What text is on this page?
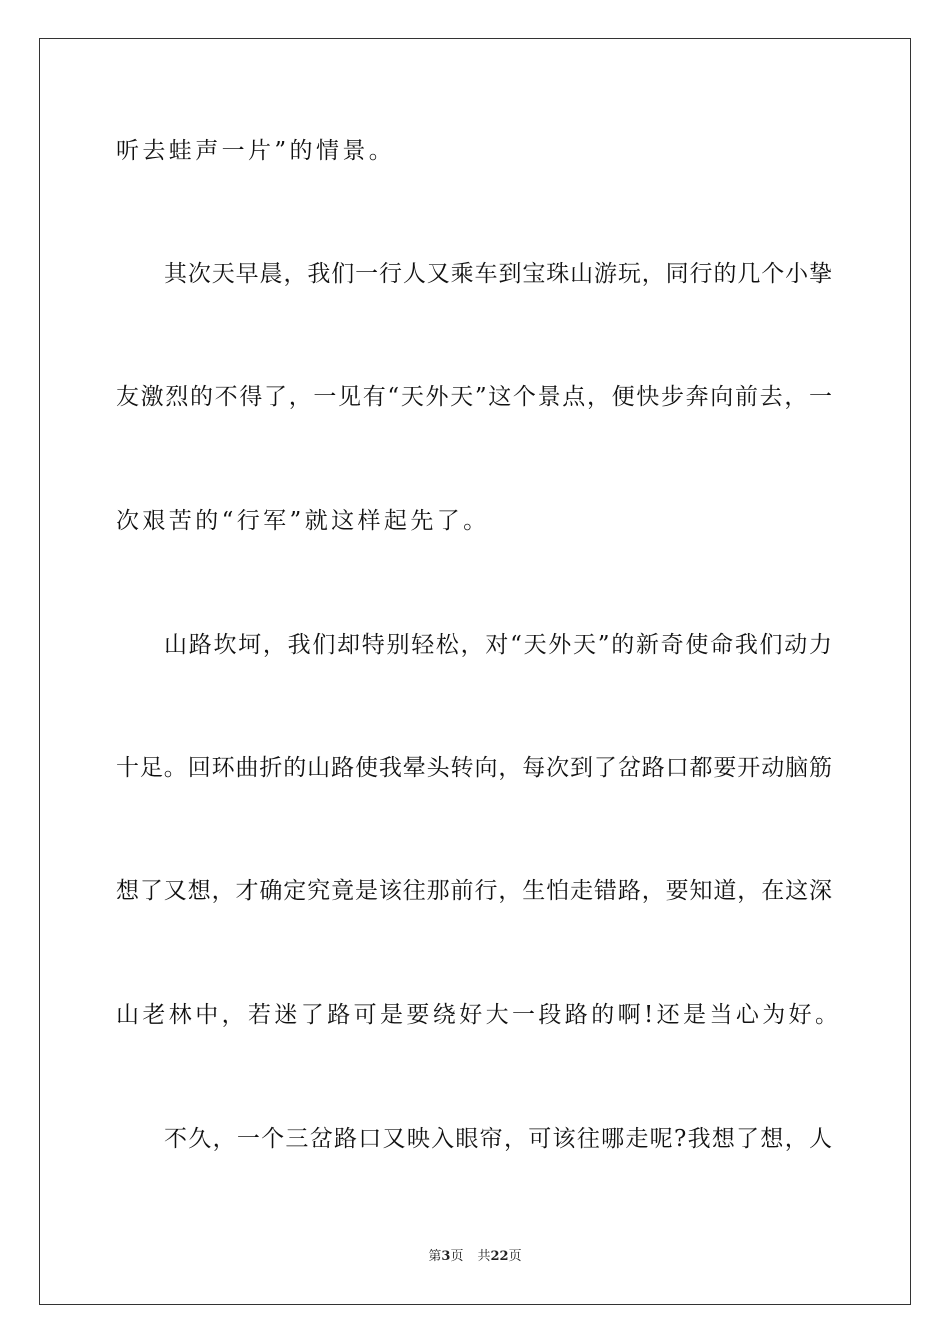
听去蛙声一片”的情景。
其次天早晨，我们一行人又乘车到宝珠山游玩，同行的几个小挚
友激烈的不得了，一见有“天外天”这个景点，便快步奔向前去，一
次艰苦的“行军”就这样起先了。
山路坎坷，我们却特别轻松，对“天外天”的新奇使命我们动力
十足。回环曲折的山路使我晕头转向，每次到了岔路口都要开动脑筋
想了又想，才确定究竟是该往那前行，生怕走错路，要知道，在这深
山老林中，若迷了路可是要绕好大一段路的啊!还是当心为好。
不久，一个三岔路口又映入眼帘，可该往哪走呢?我想了想，人
第3页 共22页
